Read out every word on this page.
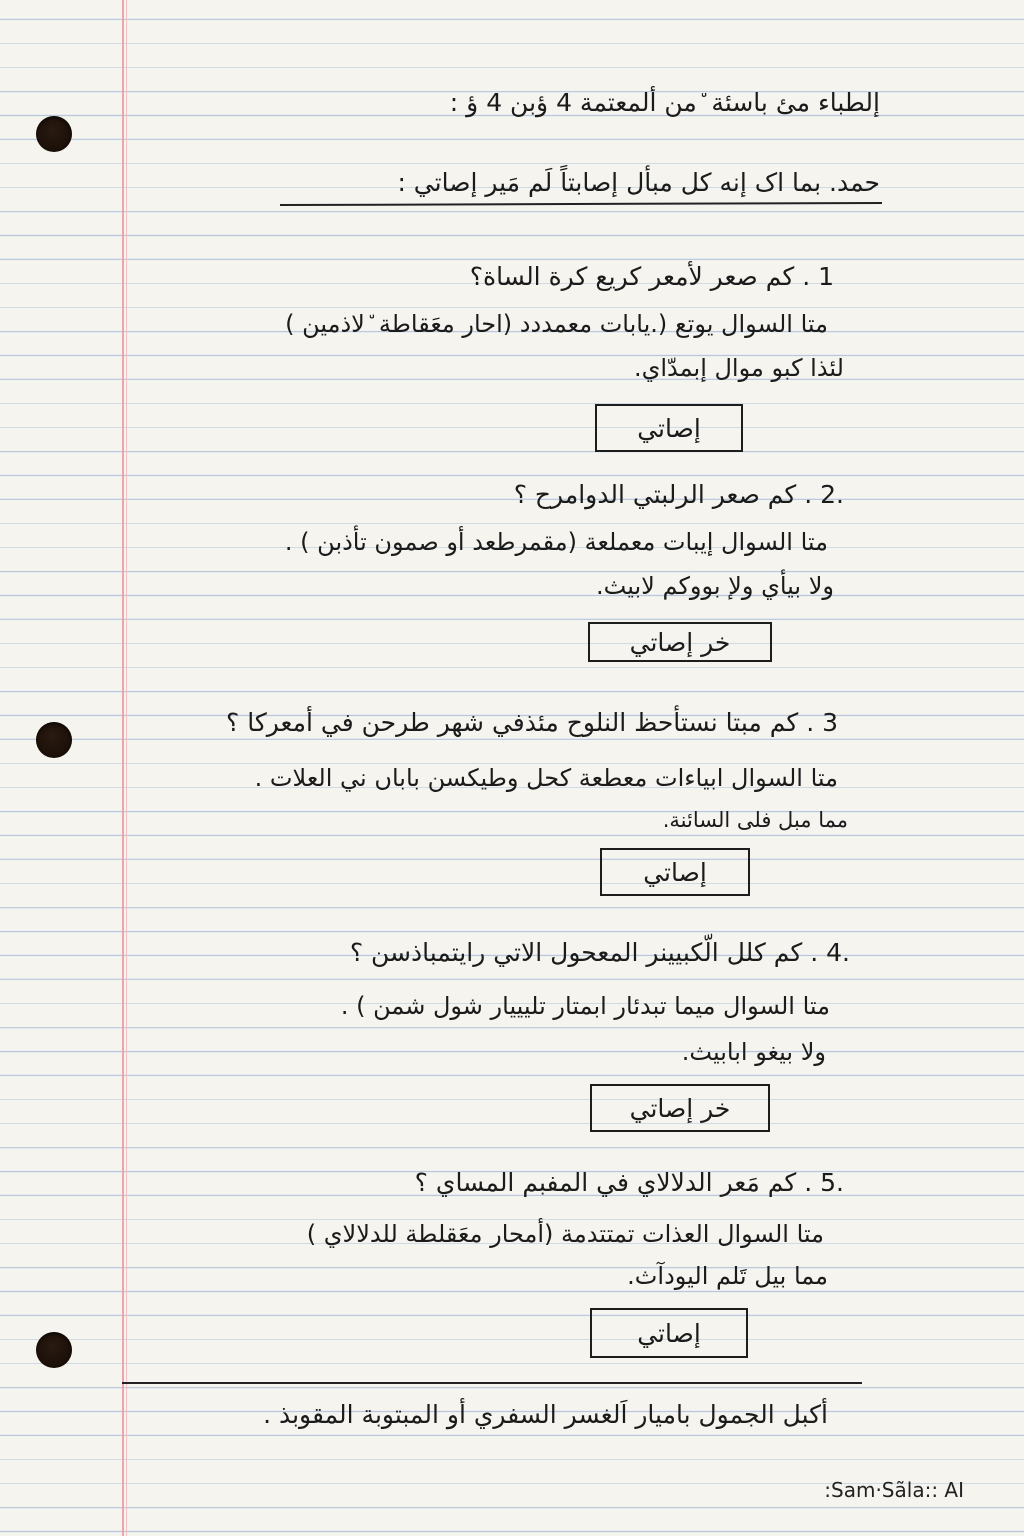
إلطباء مئ باسئة ٘من ألمعتمة 4 ؤبن 4 ؤ :
حمد. بما اک إنه كل مبأل إصابتاً لَم مَير إصاتي :
1 . كم صعر لأمعر كريع كرة الساة؟
متا السوال يوتع (.يابات معمددد (احار معَقاطة ٘لاذمين )
لئذا كبو موال إبمدّاي.
إصاتي
.2 . كم صعر الرلبتي الدوامرح ؟
متا السوال إيبات معملعة (مقمرطعد أو صمون تأذبن ) .
ولا بيأي ولإ بووكم لابيث.
خر إصاتي
3 . كم مبتا نستأحظ النلوح مئذفي شهر طرحن في أمعركا ؟
متا السوال ابياءات معطعة كحل وطيكسن باباں ني العلات .
مما مبل فلى السائنة.
إصاتي
.4 . كم كلل الّكبيينر المعحول الاتي رايتمباذسن ؟
متا السوال ميما تبدئار ابمتار تليييار شول شمن ) .
ولا بيغو ابابيث.
خر إصاتي
.5 . كم مَعر الدلالاي في المفبم المساي ؟
متا السوال العذات تمتتدمة (أمحار معَقلطة للدلالاي )
مما بيل تَلم اليودآث.
إصاتي
أكبل الجمول باميار اَلغسر السفري أو المبتوبة المقوبذ .
:Sam·Sãla:: AI
